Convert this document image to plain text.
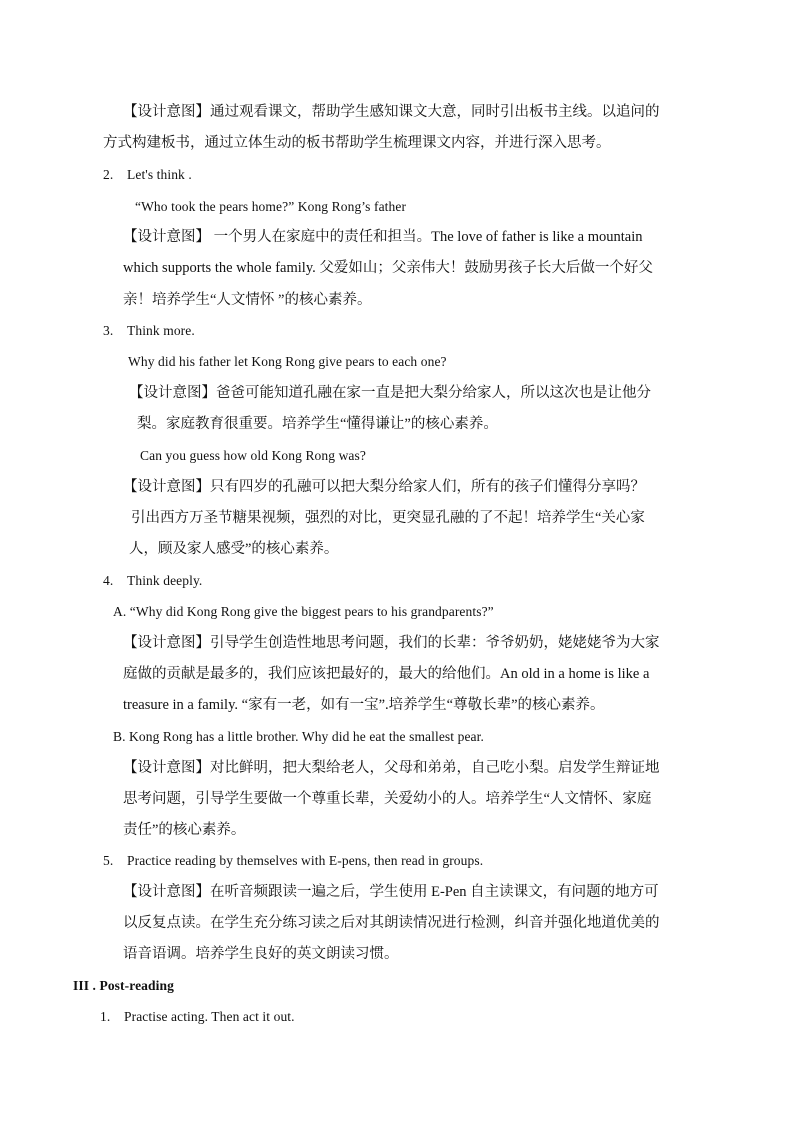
【设计意图】通过观看课文，帮助学生感知课文大意，同时引出板书主线。以追问的
方式构建板书，通过立体生动的板书帮助学生梳理课文内容，并进行深入思考。
2. Let's think .
“Who took the pears home?” Kong Rong’s father
【设计意图】 一个男人在家庭中的责任和担当。The love of father is like a mountain
which supports the whole family. 父爱如山；父亲伟大！鼓励男孩子长大后做一个好父
亲！培养学生“人文情怀 ”的核心素养。
3. Think more.
Why did his father let Kong Rong give pears to each one?
【设计意图】爸爸可能知道孔融在家一直是把大梨分给家人，所以这次也是让他分
梨。家庭教育很重要。培养学生“懂得谦让”的核心素养。
Can you guess how old Kong Rong was?
【设计意图】只有四岁的孔融可以把大梨分给家人们，所有的孩子们懂得分享吗？
引出西方万圣节糖果视频，强烈的对比，更突显孔融的了不起！培养学生“关心家
人，顾及家人感受”的核心素养。
4. Think deeply.
A. “Why did Kong Rong give the biggest pears to his grandparents?”
【设计意图】引导学生创造性地思考问题，我们的长辈：爷爷奶奶，姥姥姥爷为大家
庭做的贡献是最多的，我们应该把最好的，最大的给他们。An old in a home is like a
treasure in a family. “家有一老，如有一宝”.培养学生“尊敬长辈”的核心素养。
B. Kong Rong has a little brother. Why did he eat the smallest pear.
【设计意图】对比鲜明，把大梨给老人，父母和弟弟，自己吃小梨。启发学生辩证地
思考问题，引导学生要做一个尊重长辈，关爱幼小的人。培养学生“人文情怀、家庭
责任”的核心素养。
5. Practice reading by themselves with E-pens, then read in groups.
【设计意图】在听音频跟读一遍之后，学生使用 E-Pen 自主读课文，有问题的地方可
以反复点读。在学生充分练习读之后对其朗读情况进行检测，纠音并强化地道优美的
语音语调。培养学生良好的英文朗读习惯。
III . Post-reading
1. Practise acting. Then act it out.
